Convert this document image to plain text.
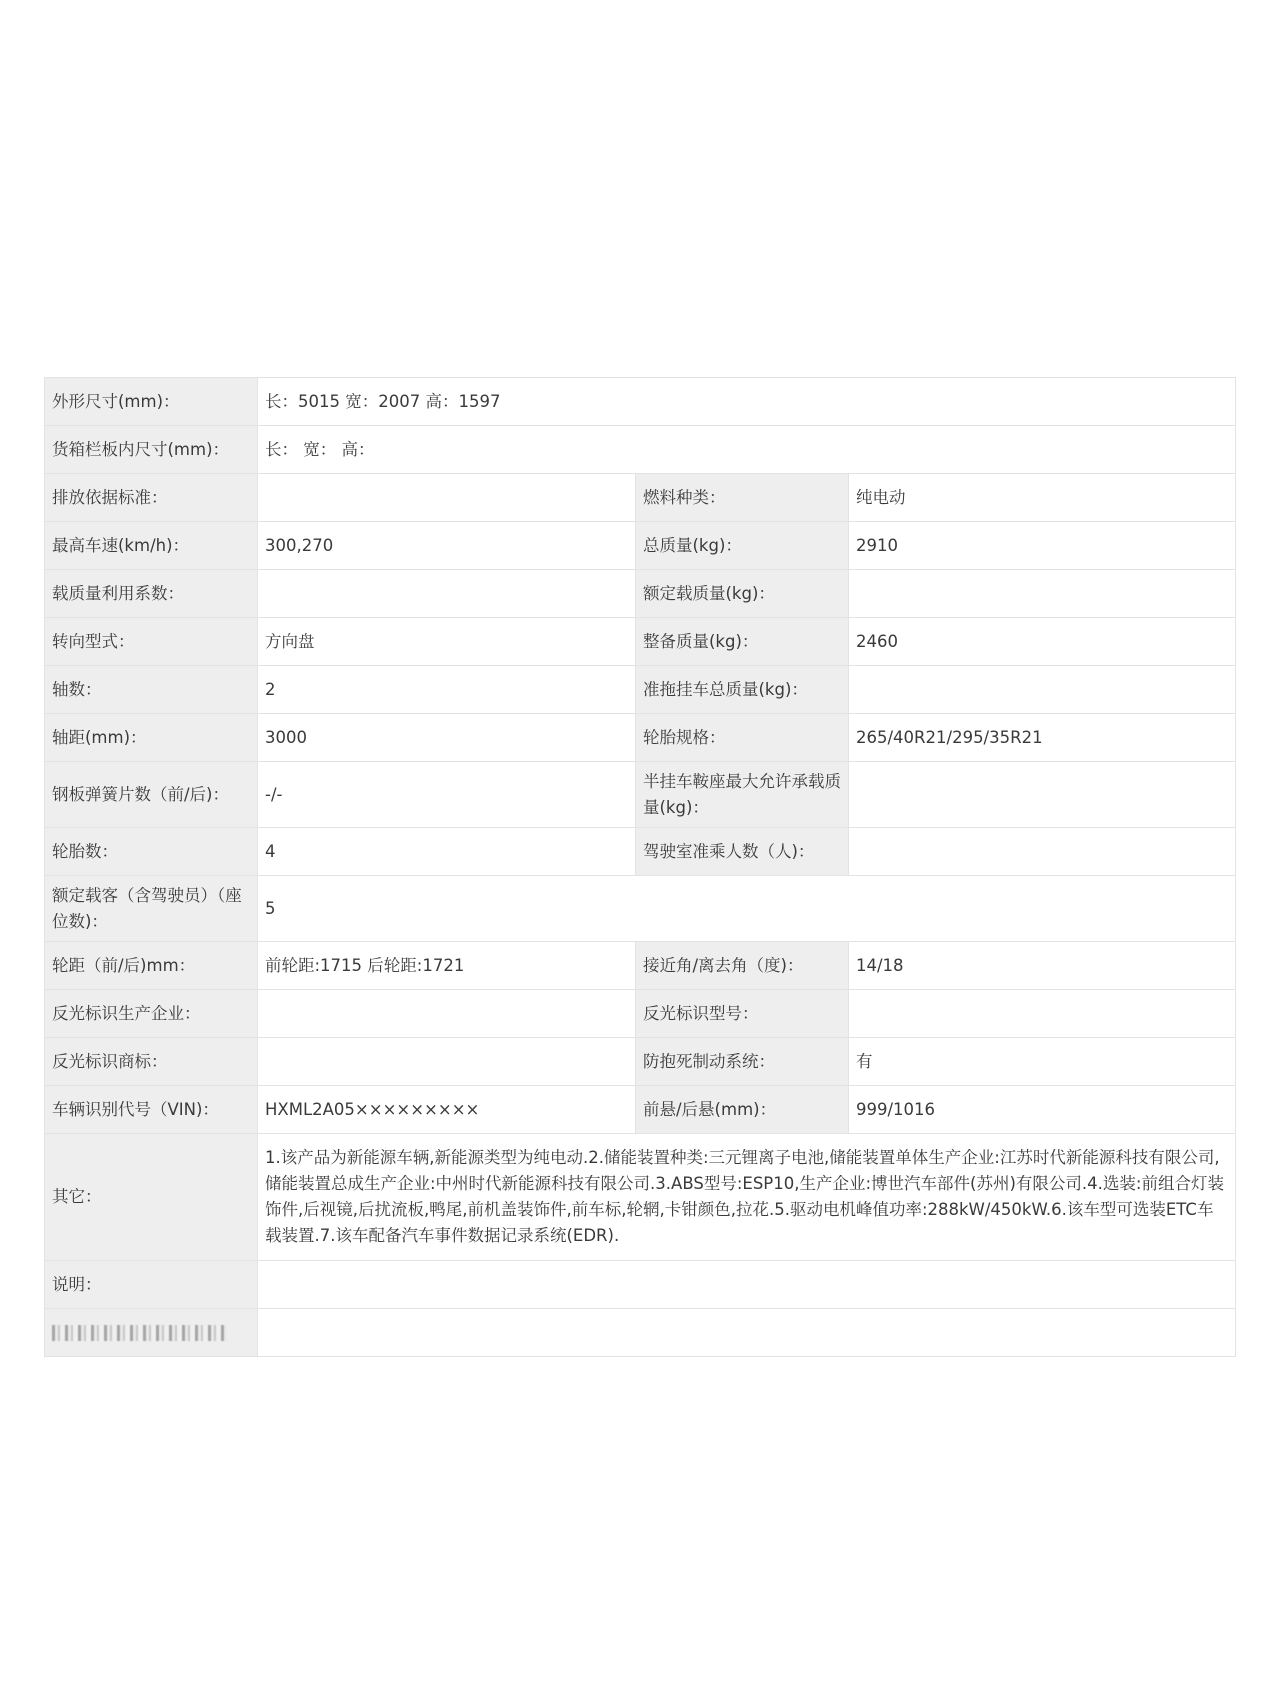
外形尺寸(mm)：	长：5015 宽：2007 高：1597		
货箱栏板内尺寸(mm)：	长： 宽： 高：		
排放依据标准：		燃料种类：	纯电动
最高车速(km/h)：	300,270	总质量(kg)：	2910
载质量利用系数：		额定载质量(kg)：	
转向型式：	方向盘	整备质量(kg)：	2460
轴数：	2	准拖挂车总质量(kg)：	
轴距(mm)：	3000	轮胎规格：	265/40R21/295/35R21
钢板弹簧片数（前/后)：	-/-	半挂车鞍座最大允许承载质量(kg)：	
轮胎数：	4	驾驶室准乘人数（人)：	
额定载客（含驾驶员）（座位数)：	5		
轮距（前/后)mm：	前轮距:1715 后轮距:1721	接近角/离去角（度)：	14/18
反光标识生产企业：		反光标识型号：	
反光标识商标：		防抱死制动系统：	有
车辆识别代号（VIN)：	HXML2A05×××××××××	前悬/后悬(mm)：	999/1016
其它：	1.该产品为新能源车辆,新能源类型为纯电动.2.储能装置种类:三元锂离子电池,储能装置单体生产企业:江苏时代新能源科技有限公司,储能装置总成生产企业:中州时代新能源科技有限公司.3.ABS型号:ESP10,生产企业:博世汽车部件(苏州)有限公司.4.选装:前组合灯装饰件,后视镜,后扰流板,鸭尾,前机盖装饰件,前车标,轮辋,卡钳颜色,拉花.5.驱动电机峰值功率:288kW/450kW.6.该车型可选装ETC车载装置.7.该车配备汽车事件数据记录系统(EDR).		
说明：			
